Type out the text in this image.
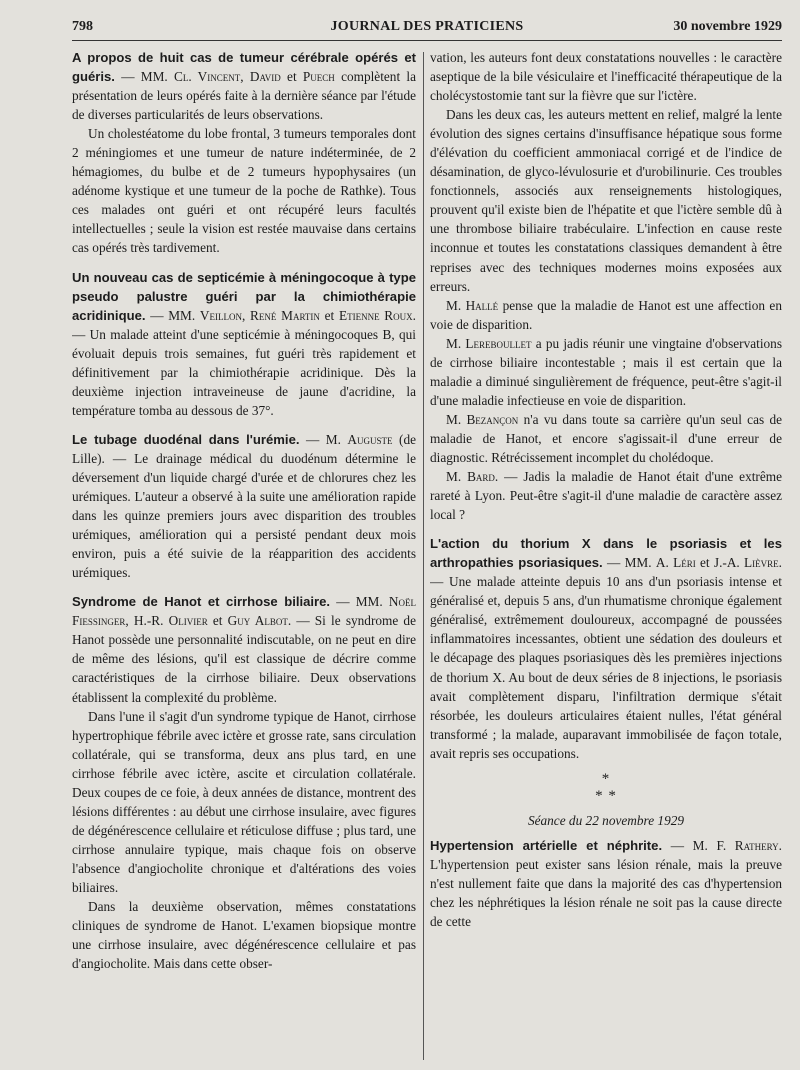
798	JOURNAL DES PRATICIENS	30 novembre 1929

A propos de huit cas de tumeur cérébrale opérés et guéris. — MM. Cl. Vincent, David et Puech complètent la présentation de leurs opérés faite à la dernière séance par l'étude de diverses particularités de leurs observations.

Un cholestéatome du lobe frontal, 3 tumeurs temporales dont 2 méningiomes et une tumeur de nature indéterminée, de 2 hémagiomes, du bulbe et de 2 tumeurs hypophysaires (un adénome kystique et une tumeur de la poche de Rathke). Tous ces malades ont guéri et ont récupéré leurs facultés intellectuelles ; seule la vision est restée mauvaise dans certains cas opérés très tardivement.

Un nouveau cas de septicémie à méningocoque à type pseudo palustre guéri par la chimiothérapie acridinique. — MM. Veillon, René Martin et Etienne Roux. — Un malade atteint d'une septicémie à méningocoques B, qui évoluait depuis trois semaines, fut guéri très rapidement et définitivement par la chimiothérapie acridinique. Dès la deuxième injection intraveineuse de jaune d'acridine, la température tomba au dessous de 37°.

Le tubage duodénal dans l'urémie. — M. Auguste (de Lille). — Le drainage médical du duodénum détermine le déversement d'un liquide chargé d'urée et de chlorures chez les urémiques. L'auteur a observé à la suite une amélioration rapide dans les quinze premiers jours avec disparition des troubles urémiques, amélioration qui a persisté pendant deux mois environ, puis a été suivie de la réapparition des accidents urémiques.

Syndrome de Hanot et cirrhose biliaire. — MM. Noël Fiessinger, H.-R. Olivier et Guy Albot. — Si le syndrome de Hanot possède une personnalité indiscutable, on ne peut en dire de même des lésions, qu'il est classique de décrire comme caractéristiques de la cirrhose biliaire. Deux observations établissent la complexité du problème.

Dans l'une il s'agit d'un syndrome typique de Hanot, cirrhose hypertrophique fébrile avec ictère et grosse rate, sans circulation collatérale, qui se transforma, deux ans plus tard, en une cirrhose fébrile avec ictère, ascite et circulation collatérale. Deux coupes de ce foie, à deux années de distance, montrent des lésions différentes : au début une cirrhose insulaire, avec figures de dégénérescence cellulaire et réticulose diffuse ; plus tard, une cirrhose annulaire typique, mais chaque fois on observe l'absence d'angiocholite chronique et d'altérations des voies biliaires.

Dans la deuxième observation, mêmes constatations cliniques de syndrome de Hanot. L'examen biopsique montre une cirrhose insulaire, avec dégénérescence cellulaire et pas d'angiocholite. Mais dans cette obser-

vation, les auteurs font deux constatations nouvelles : le caractère aseptique de la bile vésiculaire et l'inefficacité thérapeutique de la cholécystostomie tant sur la fièvre que sur l'ictère.

Dans les deux cas, les auteurs mettent en relief, malgré la lente évolution des signes certains d'insuffisance hépatique sous forme d'élévation du coefficient ammoniacal corrigé et de l'indice de désamination, de glyco-lévulosurie et d'urobilinurie. Ces troubles fonctionnels, associés aux renseignements histologiques, prouvent qu'il existe bien de l'hépatite et que l'ictère semble dû à une thrombose biliaire trabéculaire. L'infection en cause reste inconnue et toutes les constatations classiques demandent à être reprises avec des techniques modernes moins exposées aux erreurs.

M. Hallé pense que la maladie de Hanot est une affection en voie de disparition.

M. Lereboullet a pu jadis réunir une vingtaine d'observations de cirrhose biliaire incontestable ; mais il est certain que la maladie a diminué singulièrement de fréquence, peut-être s'agit-il d'une maladie infectieuse en voie de disparition.

M. Bezançon n'a vu dans toute sa carrière qu'un seul cas de maladie de Hanot, et encore s'agissait-il d'une erreur de diagnostic. Rétrécissement incomplet du cholédoque.

M. Bard. — Jadis la maladie de Hanot était d'une extrême rareté à Lyon. Peut-être s'agit-il d'une maladie de caractère assez local ?

L'action du thorium X dans le psoriasis et les arthropathies psoriasiques. — MM. A. Léri et J.-A. Lièvre. — Une malade atteinte depuis 10 ans d'un psoriasis intense et généralisé et, depuis 5 ans, d'un rhumatisme chronique également généralisé, extrêmement douloureux, accompagné de poussées inflammatoires incessantes, obtient une sédation des douleurs et le décapage des plaques psoriasiques dès les premières injections de thorium X. Au bout de deux séries de 8 injections, le psoriasis avait complètement disparu, l'infiltration dermique s'était résorbée, les douleurs articulaires étaient nulles, l'état général transformé ; la malade, auparavant immobilisée de façon totale, avait repris ses occupations.

*
* *
Séance du 22 novembre 1929

Hypertension artérielle et néphrite. — M. F. Rathery. L'hypertension peut exister sans lésion rénale, mais la preuve n'est nullement faite que dans la majorité des cas d'hypertension chez les néphrétiques la lésion rénale ne soit pas la cause directe de cette
